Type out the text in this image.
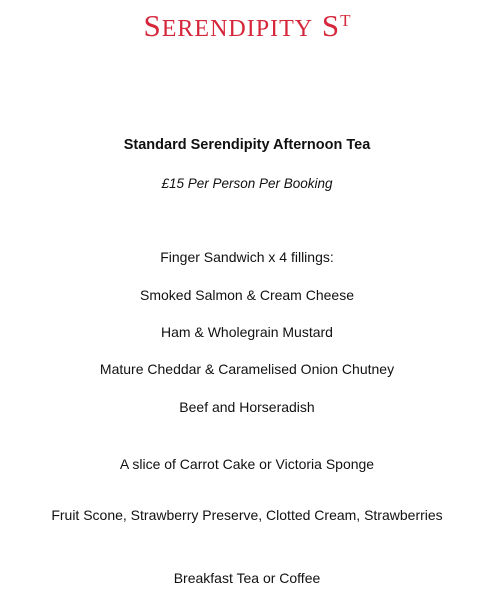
SERENDIPITY $S^T$
Standard Serendipity Afternoon Tea
£15 Per Person Per Booking
Finger Sandwich x 4 fillings:
Smoked Salmon & Cream Cheese
Ham & Wholegrain Mustard
Mature Cheddar & Caramelised Onion Chutney
Beef and Horseradish
A slice of Carrot Cake or Victoria Sponge
Fruit Scone, Strawberry Preserve, Clotted Cream, Strawberries
Breakfast Tea or Coffee
